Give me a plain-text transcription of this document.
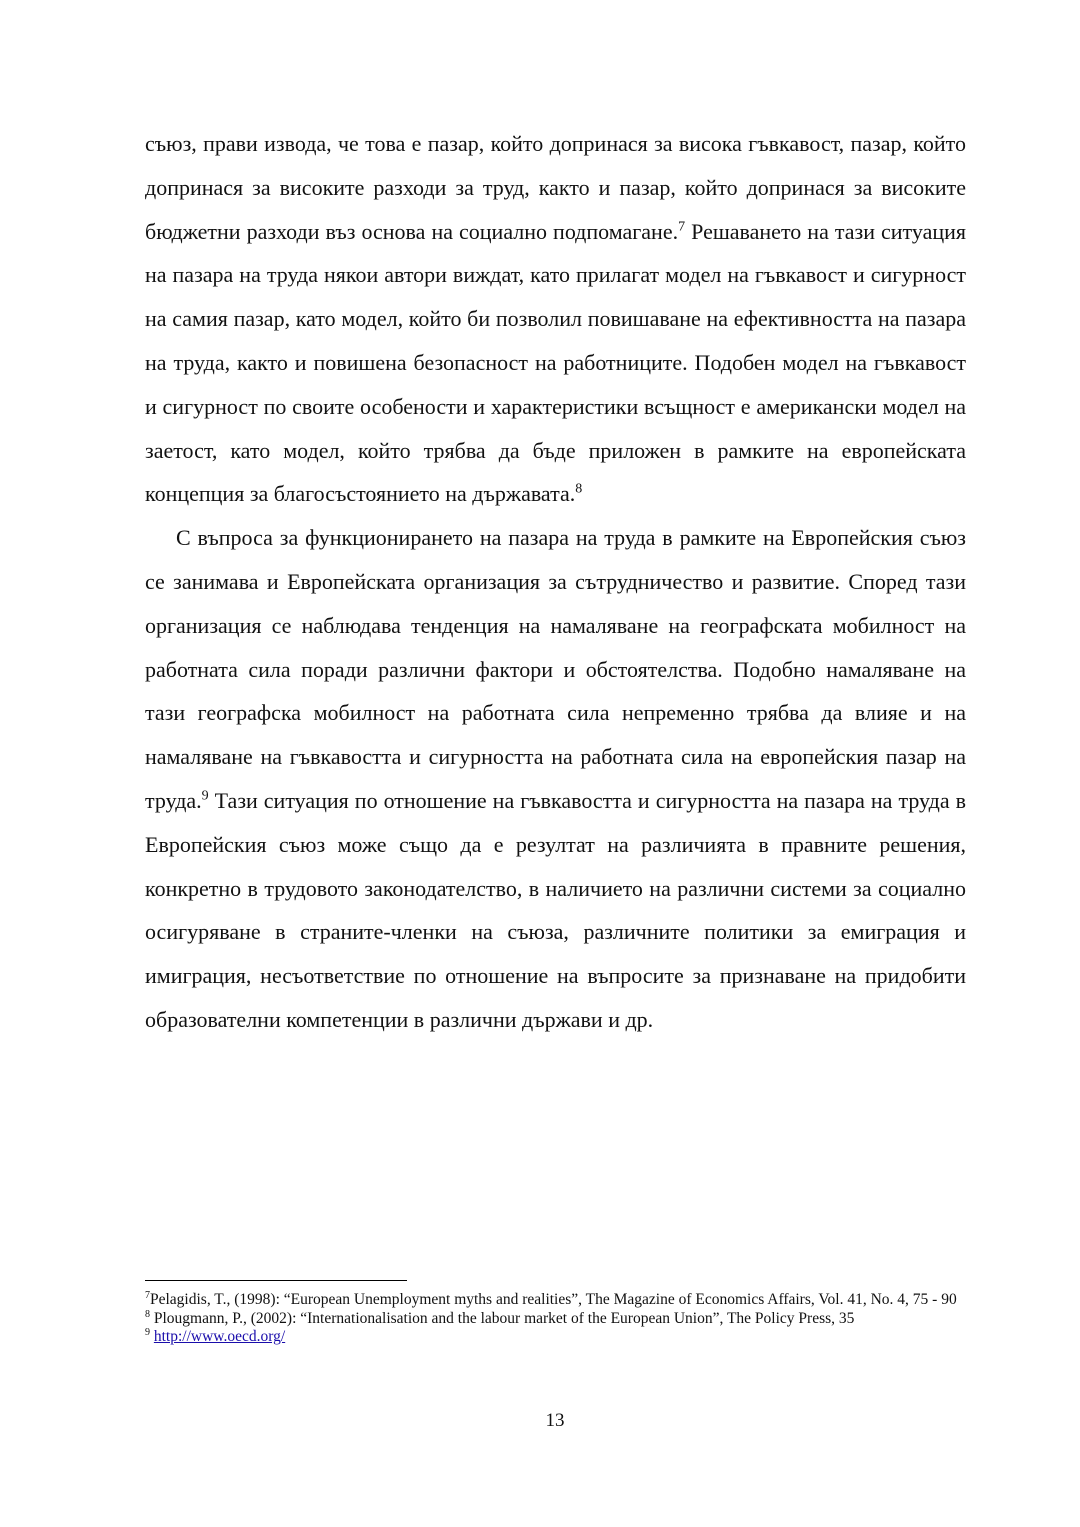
съюз, прави извода, че това е пазар, който допринася за висока гъвкавост, пазар, който допринася за високите разходи за труд, както и пазар, който допринася за високите бюджетни разходи въз основа на социално подпомагане.$^7$ Решаването на тази ситуация на пазара на труда някои автори виждат, като прилагат модел на гъвкавост и сигурност на самия пазар, като модел, който би позволил повишаване на ефективността на пазара на труда, както и повишена безопасност на работниците. Подобен модел на гъвкавост и сигурност по своите особености и характеристики всъщност е американски модел на заетост, като модел, който трябва да бъде приложен в рамките на европейската концепция за благосъстоянието на държавата.$^8$

С въпроса за функционирането на пазара на труда в рамките на Европейския съюз се занимава и Европейската организация за сътрудничество и развитие. Според тази организация се наблюдава тенденция на намаляване на географската мобилност на работната сила поради различни фактори и обстоятелства. Подобно намаляване на тази географска мобилност на работната сила непременно трябва да влияе и на намаляване на гъвкавостта и сигурността на работната сила на европейския пазар на труда.$^9$ Тази ситуация по отношение на гъвкавостта и сигурността на пазара на труда в Европейския съюз може също да е резултат на различията в правните решения, конкретно в трудовото законодателство, в наличието на различни системи за социално осигуряване в страните-членки на съюза, различните политики за емиграция и имиграция, несъответствие по отношение на въпросите за признаване на придобити образователни компетенции в различни държави и др.

$^7$Pelagidis, T., (1998): “European Unemployment myths and realities”, The Magazine of Economics Affairs, Vol. 41, No. 4, 75 - 90

$^8$ Plougmann, P., (2002): “Internationalisation and the labour market of the European Union”, The Policy Press, 35

$^9$ http://www.oecd.org/

13
